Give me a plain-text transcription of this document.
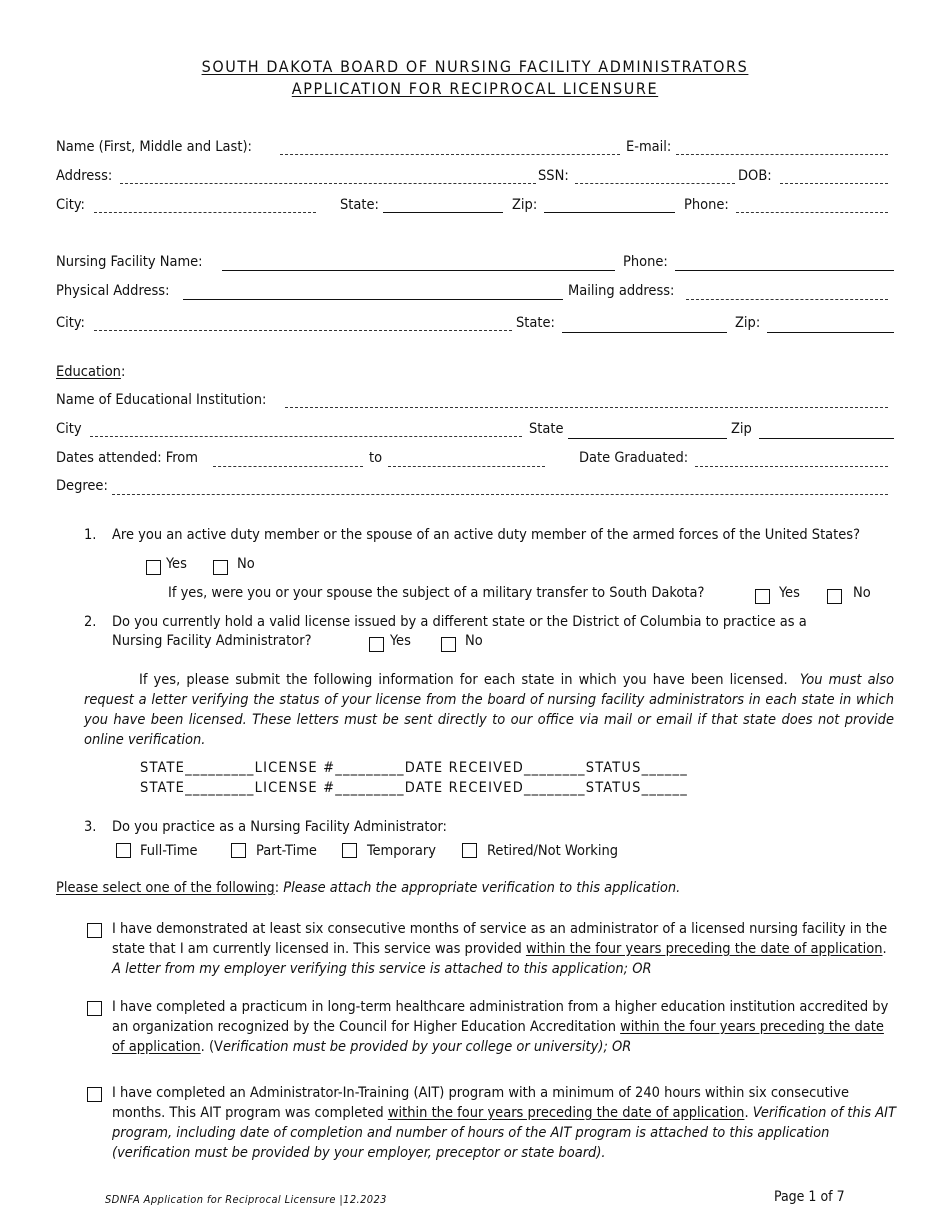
SOUTH DAKOTA BOARD OF NURSING FACILITY ADMINISTRATORS
APPLICATION FOR RECIPROCAL LICENSURE
Name (First, Middle and Last):	E-mail:
Address:	SSN:	DOB:
City:	State:	Zip:	Phone:
Nursing Facility Name:	Phone:
Physical Address:	Mailing address:
City:	State:	Zip:
Education:
Name of Educational Institution:
City	State	Zip
Dates attended: From	to	Date Graduated:
Degree:
1. Are you an active duty member or the spouse of an active duty member of the armed forces of the United States?
Yes	No
If yes, were you or your spouse the subject of a military transfer to South Dakota?	Yes	No
2. Do you currently hold a valid license issued by a different state or the District of Columbia to practice as a
Nursing Facility Administrator?	Yes	No
If yes, please submit the following information for each state in which you have been licensed. You must also request a letter verifying the status of your license from the board of nursing facility administrators in each state in which you have been licensed. These letters must be sent directly to our office via mail or email if that state does not provide online verification.
STATE_________LICENSE #_________DATE RECEIVED________STATUS______
STATE_________LICENSE #_________DATE RECEIVED________STATUS______
3. Do you practice as a Nursing Facility Administrator:
Full-Time	Part-Time	Temporary	Retired/Not Working
Please select one of the following: Please attach the appropriate verification to this application.
I have demonstrated at least six consecutive months of service as an administrator of a licensed nursing facility in the state that I am currently licensed in. This service was provided within the four years preceding the date of application. A letter from my employer verifying this service is attached to this application; OR
I have completed a practicum in long-term healthcare administration from a higher education institution accredited by an organization recognized by the Council for Higher Education Accreditation within the four years preceding the date of application. (Verification must be provided by your college or university); OR
I have completed an Administrator-In-Training (AIT) program with a minimum of 240 hours within six consecutive months. This AIT program was completed within the four years preceding the date of application. Verification of this AIT program, including date of completion and number of hours of the AIT program is attached to this application (verification must be provided by your employer, preceptor or state board).
SDNFA Application for Reciprocal Licensure |12.2023	Page 1 of 7
